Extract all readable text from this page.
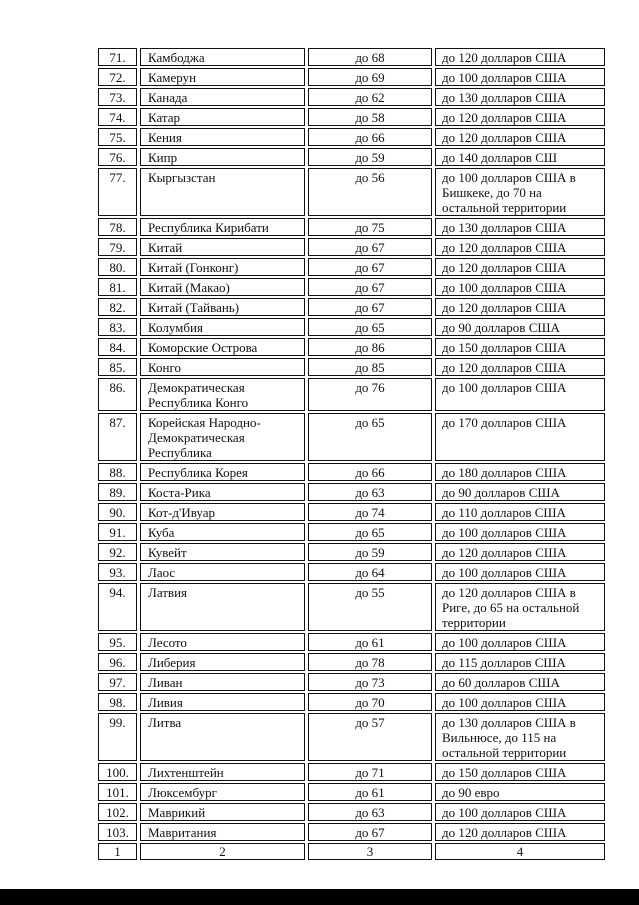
71.	Камбоджа	до 68	до 120 долларов США
72.	Камерун	до 69	до 100 долларов США
73.	Канада	до 62	до 130 долларов США
74.	Катар	до 58	до 120 долларов США
75.	Кения	до 66	до 120 долларов США
76.	Кипр	до 59	до 140 долларов СШ
77.	Кыргызстан	до 56	до 100 долларов США в
Бишкеке, до 70 на
остальной территории
78.	Республика Кирибати	до 75	до 130 долларов США
79.	Китай	до 67	до 120 долларов США
80.	Китай (Гонконг)	до 67	до 120 долларов США
81.	Китай (Макао)	до 67	до 100 долларов США
82.	Китай (Тайвань)	до 67	до 120 долларов США
83.	Колумбия	до 65	до 90 долларов США
84.	Коморские Острова	до 86	до 150 долларов США
85.	Конго	до 85	до 120 долларов США
86.	Демократическая
Республика Конго	до 76	до 100 долларов США
87.	Корейская Народно-
Демократическая
Республика	до 65	до 170 долларов США
88.	Республика Корея	до 66	до 180 долларов США
89.	Коста-Рика	до 63	до 90 долларов США
90.	Кот-д'Ивуар	до 74	до 110 долларов США
91.	Куба	до 65	до 100 долларов США
92.	Кувейт	до 59	до 120 долларов США
93.	Лаос	до 64	до 100 долларов США
94.	Латвия	до 55	до 120 долларов США в
Риге, до 65 на остальной
территории
95.	Лесото	до 61	до 100 долларов США
96.	Либерия	до 78	до 115 долларов США
97.	Ливан	до 73	до 60 долларов США
98.	Ливия	до 70	до 100 долларов США
99.	Литва	до 57	до 130 долларов США в
Вильнюсе, до 115 на
остальной территории
100.	Лихтенштейн	до 71	до 150 долларов США
101.	Люксембург	до 61	до 90 евро
102.	Маврикий	до 63	до 100 долларов США
103.	Мавритания	до 67	до 120 долларов США
1	2	3	4
